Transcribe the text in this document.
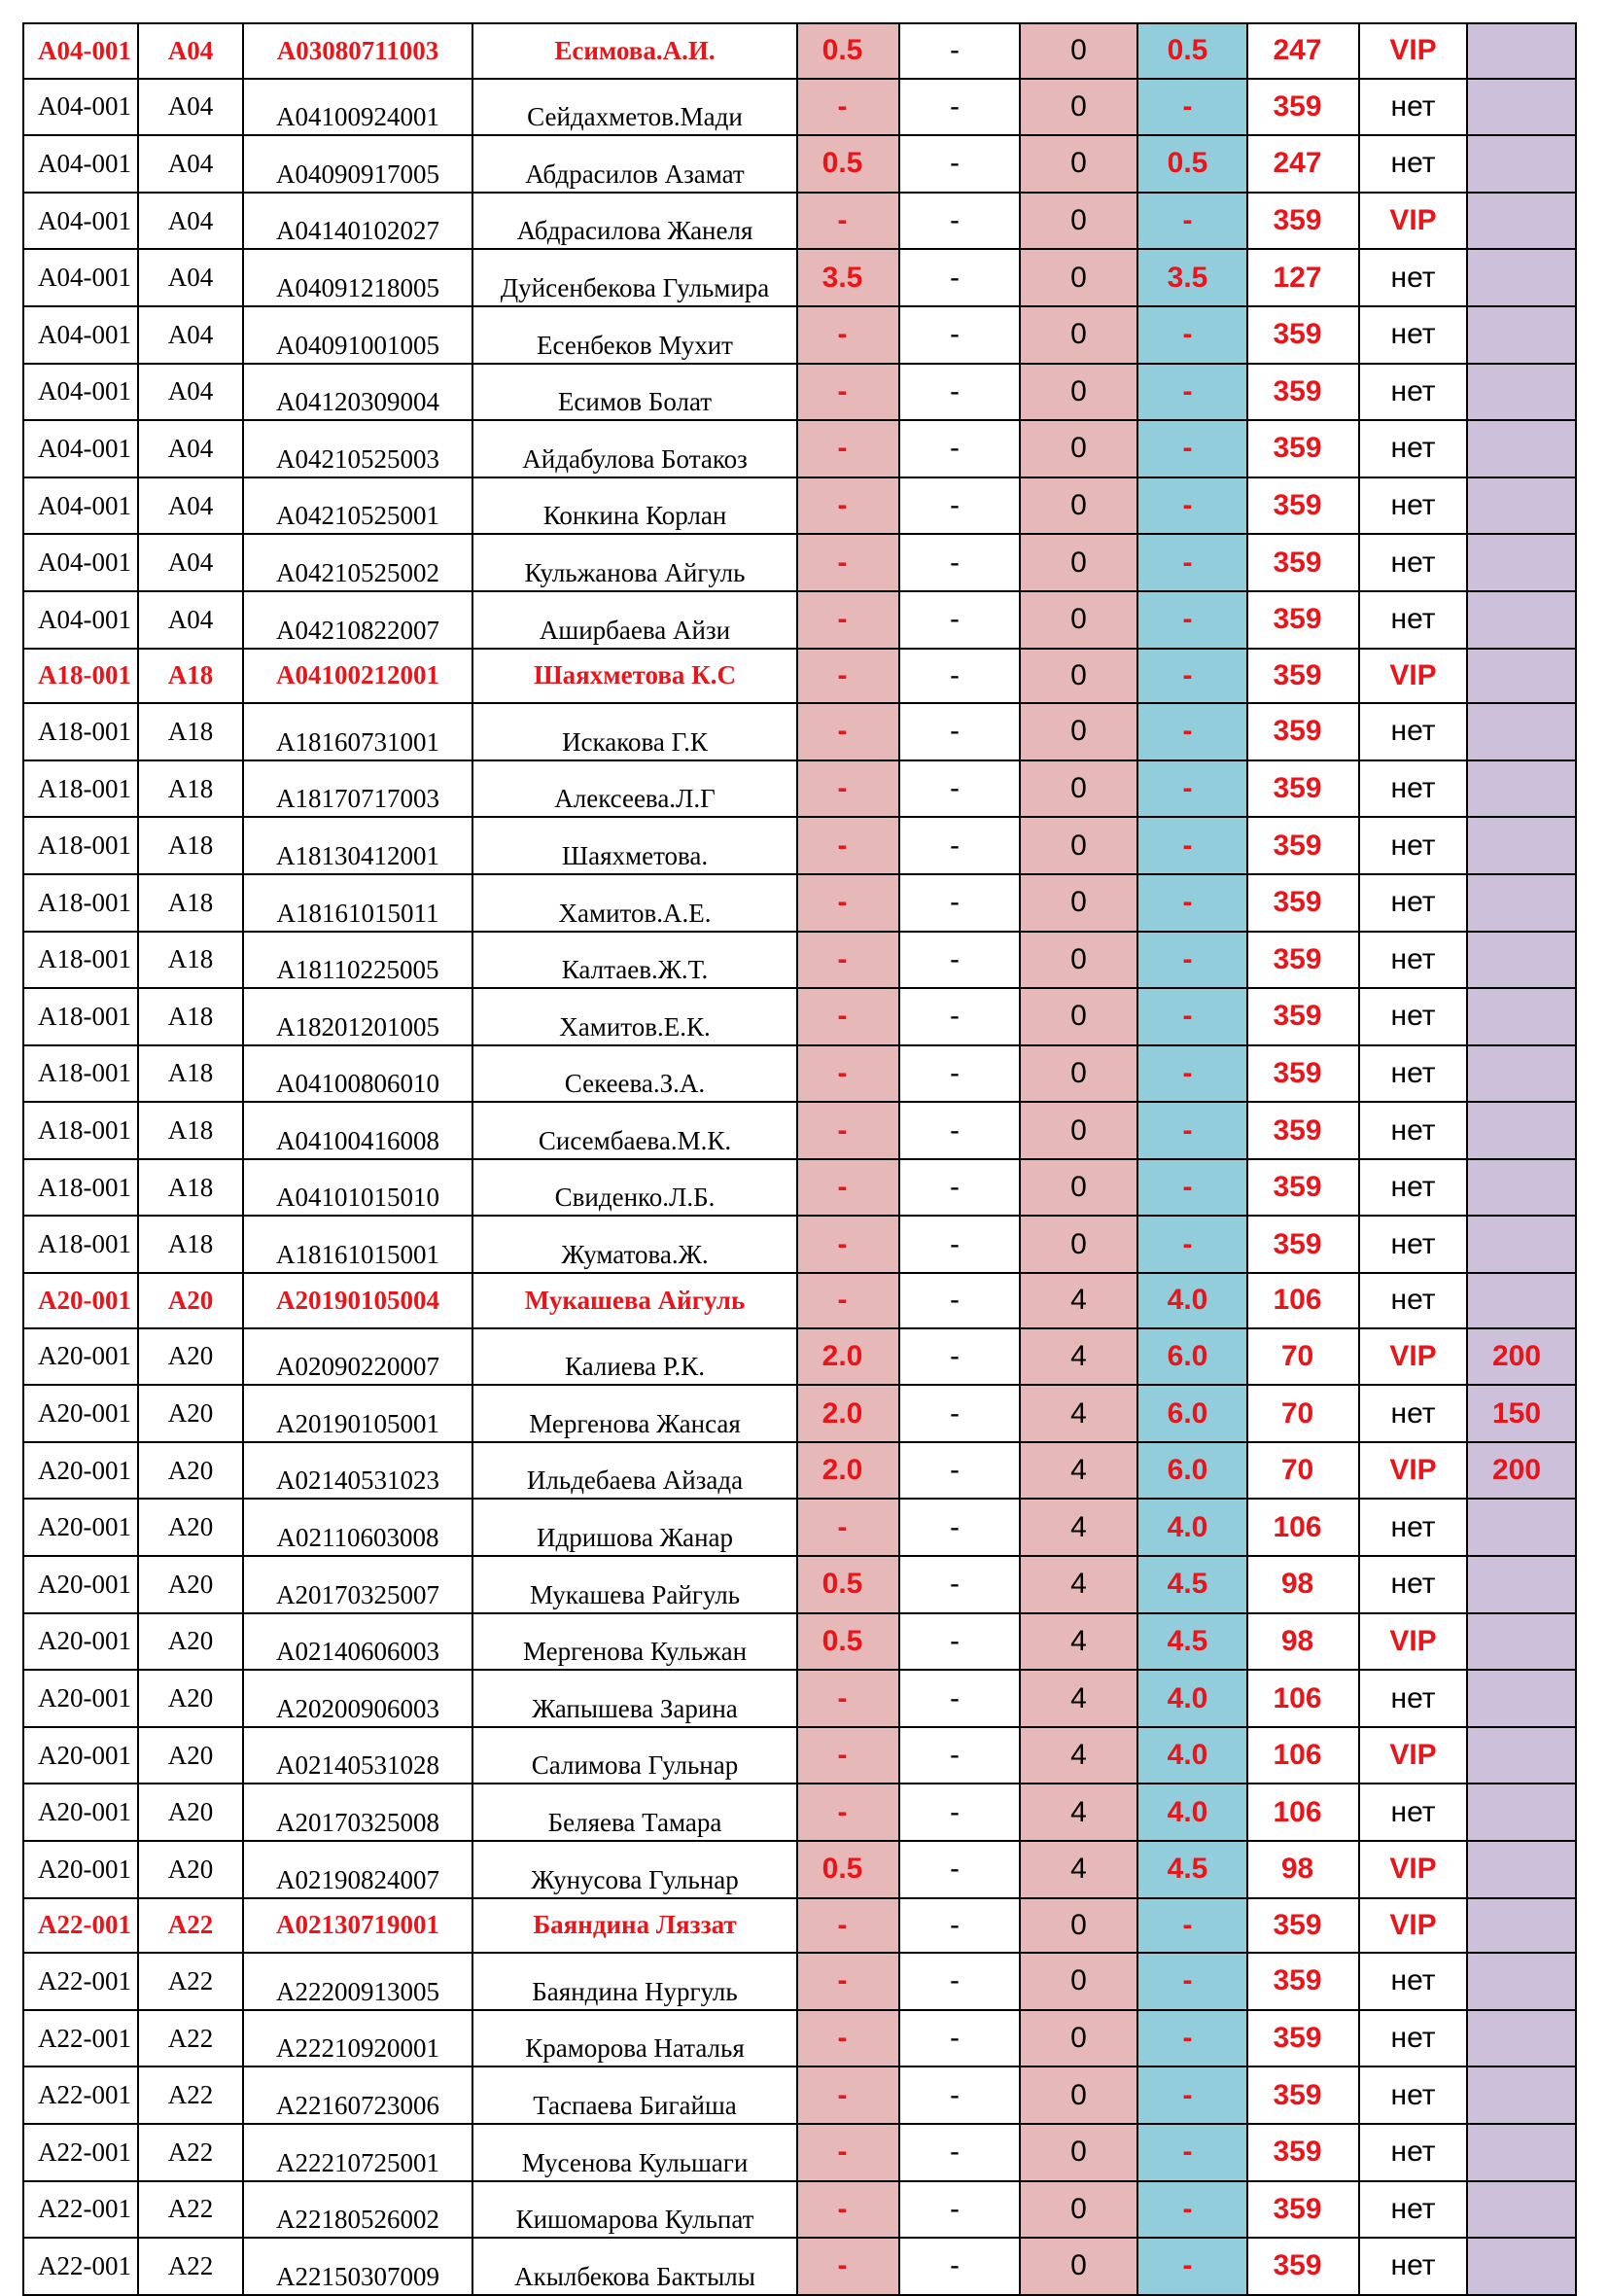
A04-001	A04	A03080711003	Есимова.А.И.	0.5	-	0	0.5	247	VIP	
A04-001	A04	A04100924001	Сейдахметов.Мади	-	-	0	-	359	нет	
A04-001	A04	A04090917005	Абдрасилов Азамат	0.5	-	0	0.5	247	нет	
A04-001	A04	A04140102027	Абдрасилова Жанеля	-	-	0	-	359	VIP	
A04-001	A04	A04091218005	Дуйсенбекова Гульмира	3.5	-	0	3.5	127	нет	
A04-001	A04	A04091001005	Есенбеков Мухит	-	-	0	-	359	нет	
A04-001	A04	A04120309004	Есимов Болат	-	-	0	-	359	нет	
A04-001	A04	A04210525003	Айдабулова Ботакоз	-	-	0	-	359	нет	
A04-001	A04	A04210525001	Конкина Корлан	-	-	0	-	359	нет	
A04-001	A04	A04210525002	Кульжанова Айгуль	-	-	0	-	359	нет	
A04-001	A04	A04210822007	Аширбаева Айзи	-	-	0	-	359	нет	
A18-001	A18	A04100212001	Шаяхметова К.С	-	-	0	-	359	VIP	
A18-001	A18	A18160731001	Искакова Г.К	-	-	0	-	359	нет	
A18-001	A18	A18170717003	Алексеева.Л.Г	-	-	0	-	359	нет	
A18-001	A18	A18130412001	Шаяхметова.	-	-	0	-	359	нет	
A18-001	A18	A18161015011	Хамитов.А.Е.	-	-	0	-	359	нет	
A18-001	A18	A18110225005	Калтаев.Ж.Т.	-	-	0	-	359	нет	
A18-001	A18	A18201201005	Хамитов.Е.К.	-	-	0	-	359	нет	
A18-001	A18	A04100806010	Секеева.З.А.	-	-	0	-	359	нет	
A18-001	A18	A04100416008	Сисембаева.М.К.	-	-	0	-	359	нет	
A18-001	A18	A04101015010	Свиденко.Л.Б.	-	-	0	-	359	нет	
A18-001	A18	A18161015001	Жуматова.Ж.	-	-	0	-	359	нет	
A20-001	A20	A20190105004	Мукашева Айгуль	-	-	4	4.0	106	нет	
A20-001	A20	A02090220007	Калиева Р.К.	2.0	-	4	6.0	70	VIP	200
A20-001	A20	A20190105001	Мергенова Жансая	2.0	-	4	6.0	70	нет	150
A20-001	A20	A02140531023	Ильдебаева Айзада	2.0	-	4	6.0	70	VIP	200
A20-001	A20	A02110603008	Идришова Жанар	-	-	4	4.0	106	нет	
A20-001	A20	A20170325007	Мукашева Райгуль	0.5	-	4	4.5	98	нет	
A20-001	A20	A02140606003	Мергенова Кульжан	0.5	-	4	4.5	98	VIP	
A20-001	A20	A20200906003	Жапышева Зарина	-	-	4	4.0	106	нет	
A20-001	A20	A02140531028	Салимова Гульнар	-	-	4	4.0	106	VIP	
A20-001	A20	A20170325008	Беляева Тамара	-	-	4	4.0	106	нет	
A20-001	A20	A02190824007	Жунусова Гульнар	0.5	-	4	4.5	98	VIP	
A22-001	A22	A02130719001	Баяндина Ляззат	-	-	0	-	359	VIP	
A22-001	A22	A22200913005	Баяндина Нургуль	-	-	0	-	359	нет	
A22-001	A22	A22210920001	Краморова Наталья	-	-	0	-	359	нет	
A22-001	A22	A22160723006	Таспаева Бигайша	-	-	0	-	359	нет	
A22-001	A22	A22210725001	Мусенова Кульшаги	-	-	0	-	359	нет	
A22-001	A22	A22180526002	Кишомарова Кульпат	-	-	0	-	359	нет	
A22-001	A22	A22150307009	Акылбекова Бактылы	-	-	0	-	359	нет	
